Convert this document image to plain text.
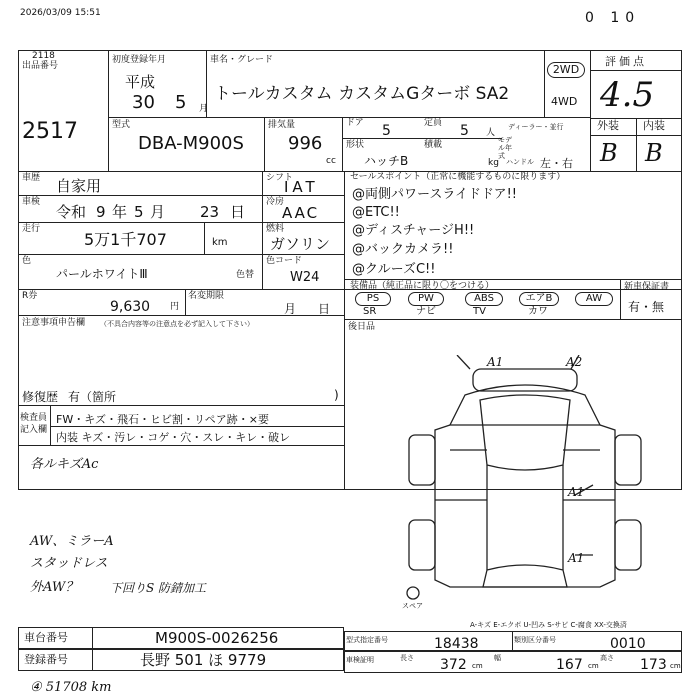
2026/03/09 15:51	0 10
2118
出品番号
2517
初度登録年月
平成
30 5 月
車名・グレード
トールカスタム カスタムGターボ SA2
2WD
4WD
評価点
4.5
外装 内装
B B
型式
DBA-M900S
排気量
996
cc
ドア 5	定員 5 人
ディーラー・並行
モデル年式
形状
ハッチB
積載
kg ハンドル 左・右
車歴 自家用	シフト
IAT
車検
令和 9 年 5 月 23 日
冷房
AAC
走行
5万1千707	km
燃料
ガソリン
色
パールホワイトⅢ	色替
色コード
W24
R券
9,630 円
名変期限
月 日
セールスポイント（正常に機能するものに限ります）
@両側パワースライドドア!!
@ETC!!
@ディスチャージH!!
@バックカメラ!!
@クルーズC!!
装備品（純正品に限り〇をつける）
PS	PW	ABS	エアB	AW
SR	ナビ	TV	カワ
新車保証書
有・無
後日品
注意事項申告欄 （不具合内容等の注意点を必ず記入して下さい）
修復歴 有（箇所	)
検査員記入欄
FW・キズ・飛石・ヒビ割・リペア跡・×要
内装 キズ・汚レ・コゲ・穴・スレ・キレ・破レ
各ルキズAc
AW、ミラーA
スタッドレス
外AW？	下回りS 防錆加工
A1	A2
A1
A1
スペア
A-キズ E-エクボ U-凹み S-サビ C-腐食 XX-交換済
車台番号	M900S-0026256
登録番号	長野 501 ほ 9779
型式指定番号	18438	類別区分番号	0010
車検証明	長さ 372 cm
幅	167 cm
高さ 173 cm
④ 51708 km
